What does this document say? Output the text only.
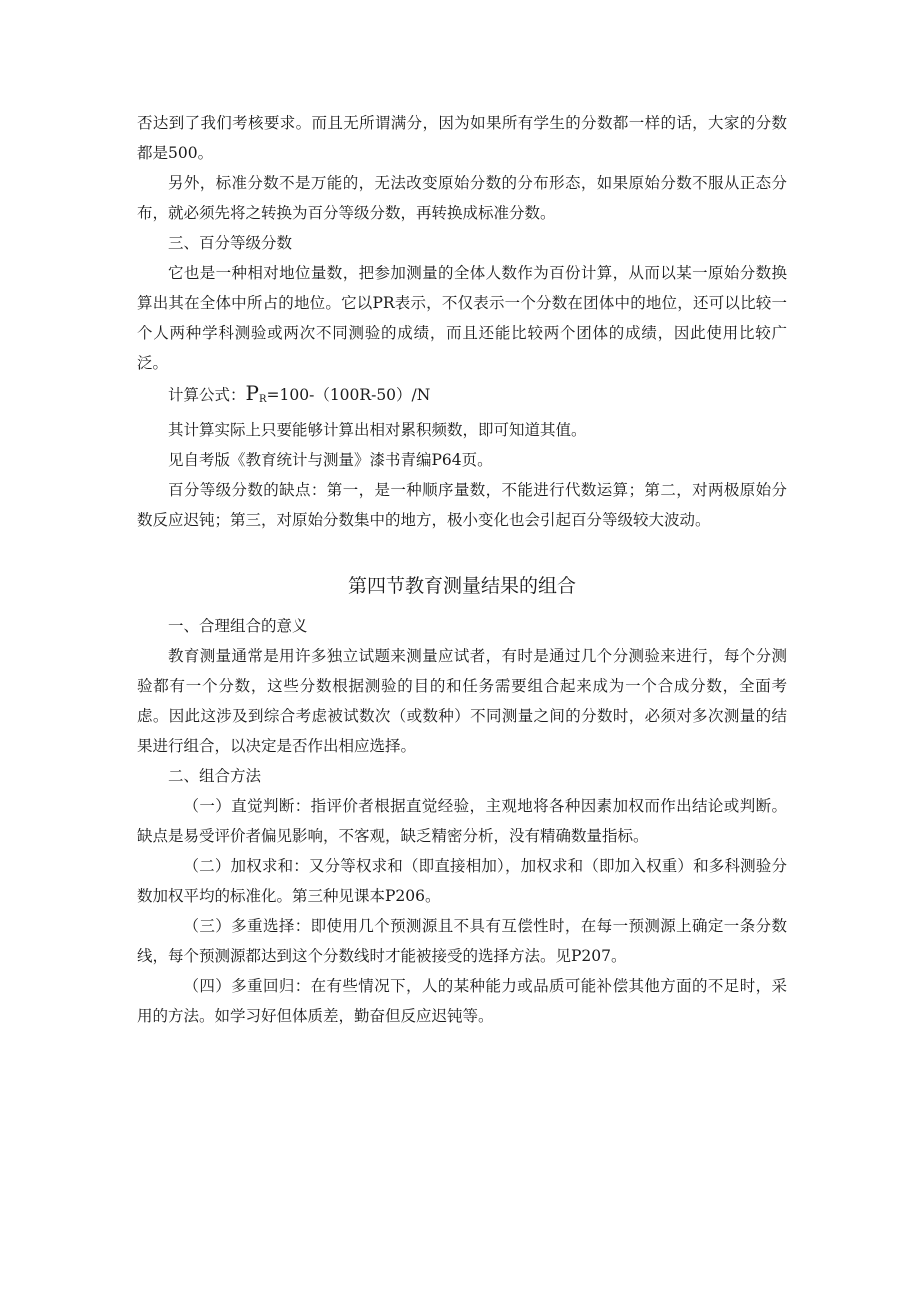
否达到了我们考核要求。而且无所谓满分，因为如果所有学生的分数都一样的话，大家的分数都是500。

另外，标准分数不是万能的，无法改变原始分数的分布形态，如果原始分数不服从正态分布，就必须先将之转换为百分等级分数，再转换成标准分数。

三、百分等级分数

它也是一种相对地位量数，把参加测量的全体人数作为百份计算，从而以某一原始分数换算出其在全体中所占的地位。它以PR表示，不仅表示一个分数在团体中的地位，还可以比较一个人两种学科测验或两次不同测验的成绩，而且还能比较两个团体的成绩，因此使用比较广泛。

计算公式：$P_R=100-(100R-50)/N$

其计算实际上只要能够计算出相对累积频数，即可知道其值。

见自考版《教育统计与测量》漆书青编P64页。

百分等级分数的缺点：第一，是一种顺序量数，不能进行代数运算；第二，对两极原始分数反应迟钝；第三，对原始分数集中的地方，极小变化也会引起百分等级较大波动。

第四节教育测量结果的组合

一、合理组合的意义

教育测量通常是用许多独立试题来测量应试者，有时是通过几个分测验来进行，每个分测验都有一个分数，这些分数根据测验的目的和任务需要组合起来成为一个合成分数，全面考虑。因此这涉及到综合考虑被试数次（或数种）不同测量之间的分数时，必须对多次测量的结果进行组合，以决定是否作出相应选择。

二、组合方法

（一）直觉判断：指评价者根据直觉经验，主观地将各种因素加权而作出结论或判断。缺点是易受评价者偏见影响，不客观，缺乏精密分析，没有精确数量指标。

（二）加权求和：又分等权求和（即直接相加），加权求和（即加入权重）和多科测验分数加权平均的标准化。第三种见课本P206。

（三）多重选择：即使用几个预测源且不具有互偿性时，在每一预测源上确定一条分数线，每个预测源都达到这个分数线时才能被接受的选择方法。见P207。

（四）多重回归：在有些情况下，人的某种能力或品质可能补偿其他方面的不足时，采用的方法。如学习好但体质差，勤奋但反应迟钝等。
